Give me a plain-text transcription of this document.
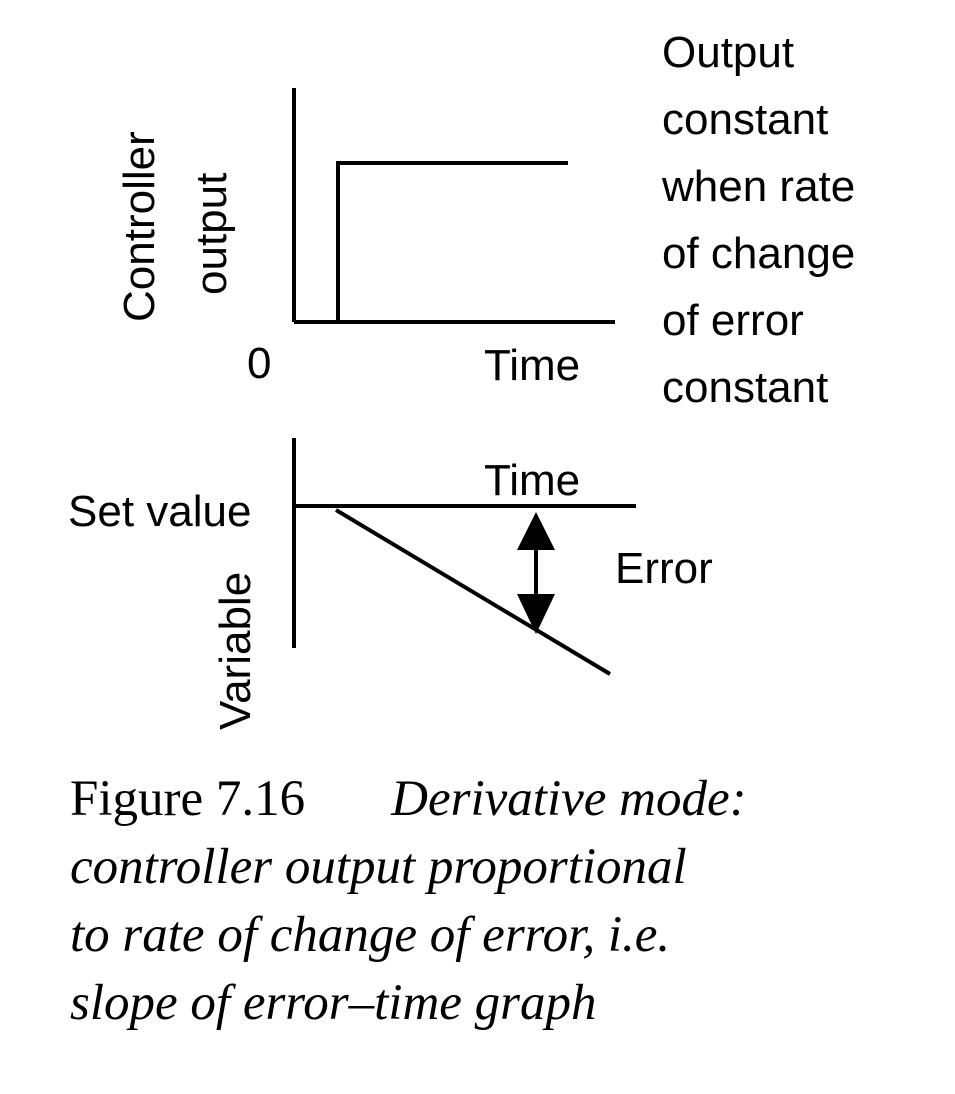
Controller output
0	Time
Output
constant
when rate
of change
of error
constant
Time
Set value
Variable
Error
Figure 7.16 Derivative mode:
controller output proportional
to rate of change of error, i.e.
slope of error–time graph
